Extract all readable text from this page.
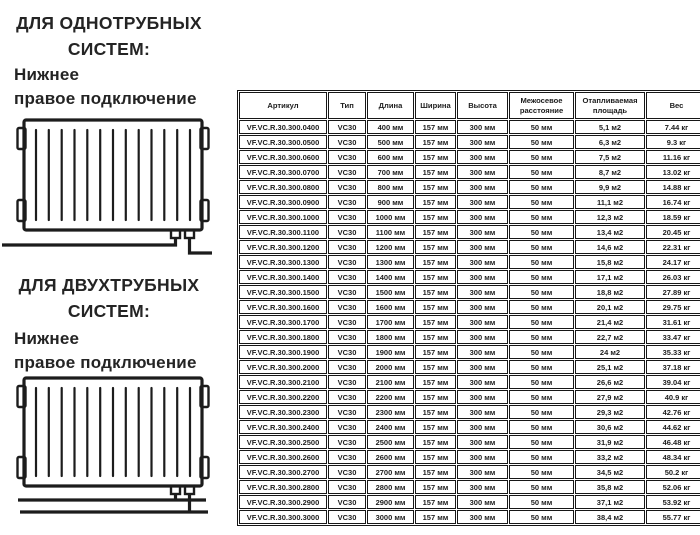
ДЛЯ ОДНОТРУБНЫХ
СИСТЕМ:
Нижнее
правое подключение
ДЛЯ ДВУХТРУБНЫХ
СИСТЕМ:
Нижнее
правое подключение
Артикул	Тип	Длина	Ширина	Высота	Межосевое расстояние	Отапливаемая площадь	Вес
VF.VC.R.30.300.0400	VC30	400 мм	157 мм	300 мм	50 мм	5,1 м2	7.44 кг
VF.VC.R.30.300.0500	VC30	500 мм	157 мм	300 мм	50 мм	6,3 м2	9.3 кг
VF.VC.R.30.300.0600	VC30	600 мм	157 мм	300 мм	50 мм	7,5 м2	11.16 кг
VF.VC.R.30.300.0700	VC30	700 мм	157 мм	300 мм	50 мм	8,7 м2	13.02 кг
VF.VC.R.30.300.0800	VC30	800 мм	157 мм	300 мм	50 мм	9,9 м2	14.88 кг
VF.VC.R.30.300.0900	VC30	900 мм	157 мм	300 мм	50 мм	11,1 м2	16.74 кг
VF.VC.R.30.300.1000	VC30	1000 мм	157 мм	300 мм	50 мм	12,3 м2	18.59 кг
VF.VC.R.30.300.1100	VC30	1100 мм	157 мм	300 мм	50 мм	13,4 м2	20.45 кг
VF.VC.R.30.300.1200	VC30	1200 мм	157 мм	300 мм	50 мм	14,6 м2	22.31 кг
VF.VC.R.30.300.1300	VC30	1300 мм	157 мм	300 мм	50 мм	15,8 м2	24.17 кг
VF.VC.R.30.300.1400	VC30	1400 мм	157 мм	300 мм	50 мм	17,1 м2	26.03 кг
VF.VC.R.30.300.1500	VC30	1500 мм	157 мм	300 мм	50 мм	18,8 м2	27.89 кг
VF.VC.R.30.300.1600	VC30	1600 мм	157 мм	300 мм	50 мм	20,1 м2	29.75 кг
VF.VC.R.30.300.1700	VC30	1700 мм	157 мм	300 мм	50 мм	21,4 м2	31.61 кг
VF.VC.R.30.300.1800	VC30	1800 мм	157 мм	300 мм	50 мм	22,7 м2	33.47 кг
VF.VC.R.30.300.1900	VC30	1900 мм	157 мм	300 мм	50 мм	24 м2	35.33 кг
VF.VC.R.30.300.2000	VC30	2000 мм	157 мм	300 мм	50 мм	25,1 м2	37.18 кг
VF.VC.R.30.300.2100	VC30	2100 мм	157 мм	300 мм	50 мм	26,6 м2	39.04 кг
VF.VC.R.30.300.2200	VC30	2200 мм	157 мм	300 мм	50 мм	27,9 м2	40.9 кг
VF.VC.R.30.300.2300	VC30	2300 мм	157 мм	300 мм	50 мм	29,3 м2	42.76 кг
VF.VC.R.30.300.2400	VC30	2400 мм	157 мм	300 мм	50 мм	30,6 м2	44.62 кг
VF.VC.R.30.300.2500	VC30	2500 мм	157 мм	300 мм	50 мм	31,9 м2	46.48 кг
VF.VC.R.30.300.2600	VC30	2600 мм	157 мм	300 мм	50 мм	33,2 м2	48.34 кг
VF.VC.R.30.300.2700	VC30	2700 мм	157 мм	300 мм	50 мм	34,5 м2	50.2 кг
VF.VC.R.30.300.2800	VC30	2800 мм	157 мм	300 мм	50 мм	35,8 м2	52.06 кг
VF.VC.R.30.300.2900	VC30	2900 мм	157 мм	300 мм	50 мм	37,1 м2	53.92 кг
VF.VC.R.30.300.3000	VC30	3000 мм	157 мм	300 мм	50 мм	38,4 м2	55.77 кг
